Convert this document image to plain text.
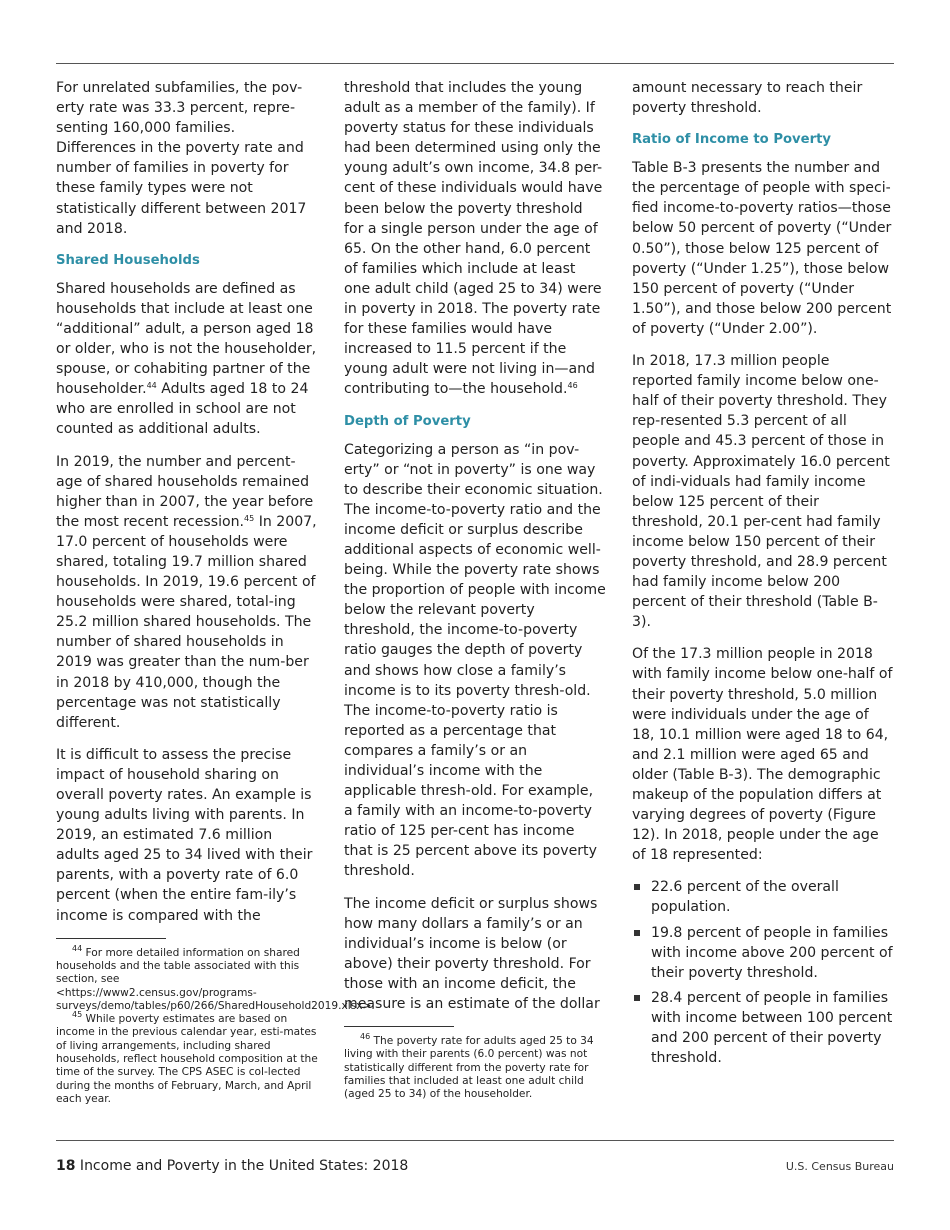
For unrelated subfamilies, the pov-erty rate was 33.3 percent, repre-senting 160,000 families. Differences in the poverty rate and number of families in poverty for these family types were not statistically different between 2017 and 2018.

Shared Households

Shared households are defined as households that include at least one “additional” adult, a person aged 18 or older, who is not the householder, spouse, or cohabiting partner of the householder.$^{44}$ Adults aged 18 to 24 who are enrolled in school are not counted as additional adults.

In 2019, the number and percent-age of shared households remained higher than in 2007, the year before the most recent recession.$^{45}$ In 2007, 17.0 percent of households were shared, totaling 19.7 million shared households. In 2019, 19.6 percent of households were shared, total-ing 25.2 million shared households. The number of shared households in 2019 was greater than the num-ber in 2018 by 410,000, though the percentage was not statistically different.

It is difficult to assess the precise impact of household sharing on overall poverty rates. An example is young adults living with parents. In 2019, an estimated 7.6 million adults aged 25 to 34 lived with their parents, with a poverty rate of 6.0 percent (when the entire fam-ily’s income is compared with the

$^{44}$ For more detailed information on shared households and the table associated with this section, see <https://www2.census.gov/programs-surveys/demo/tables/p60/266/SharedHousehold2019.xlsx>.

$^{45}$ While poverty estimates are based on income in the previous calendar year, esti-mates of living arrangements, including shared households, reflect household composition at the time of the survey. The CPS ASEC is col-lected during the months of February, March, and April each year.

threshold that includes the young adult as a member of the family). If poverty status for these individuals had been determined using only the young adult’s own income, 34.8 per-cent of these individuals would have been below the poverty threshold for a single person under the age of 65. On the other hand, 6.0 percent of families which include at least one adult child (aged 25 to 34) were in poverty in 2018. The poverty rate for these families would have increased to 11.5 percent if the young adult were not living in—and contributing to—the household.$^{46}$

Depth of Poverty

Categorizing a person as “in pov-erty” or “not in poverty” is one way to describe their economic situation. The income-to-poverty ratio and the income deficit or surplus describe additional aspects of economic well-being. While the poverty rate shows the proportion of people with income below the relevant poverty threshold, the income-to-poverty ratio gauges the depth of poverty and shows how close a family’s income is to its poverty thresh-old. The income-to-poverty ratio is reported as a percentage that compares a family’s or an individual’s income with the applicable thresh-old. For example, a family with an income-to-poverty ratio of 125 per-cent has income that is 25 percent above its poverty threshold.

The income deficit or surplus shows how many dollars a family’s or an individual’s income is below (or above) their poverty threshold. For those with an income deficit, the measure is an estimate of the dollar

$^{46}$ The poverty rate for adults aged 25 to 34 living with their parents (6.0 percent) was not statistically different from the poverty rate for families that included at least one adult child (aged 25 to 34) of the householder.

amount necessary to reach their poverty threshold.

Ratio of Income to Poverty

Table B-3 presents the number and the percentage of people with speci-fied income-to-poverty ratios—those below 50 percent of poverty (“Under 0.50”), those below 125 percent of poverty (“Under 1.25”), those below 150 percent of poverty (“Under 1.50”), and those below 200 percent of poverty (“Under 2.00”).

In 2018, 17.3 million people reported family income below one-half of their poverty threshold. They rep-resented 5.3 percent of all people and 45.3 percent of those in poverty. Approximately 16.0 percent of indi-viduals had family income below 125 percent of their threshold, 20.1 per-cent had family income below 150 percent of their poverty threshold, and 28.9 percent had family income below 200 percent of their threshold (Table B-3).

Of the 17.3 million people in 2018 with family income below one-half of their poverty threshold, 5.0 million were individuals under the age of 18, 10.1 million were aged 18 to 64, and 2.1 million were aged 65 and older (Table B-3). The demographic makeup of the population differs at varying degrees of poverty (Figure 12). In 2018, people under the age of 18 represented:

22.6 percent of the overall population.
19.8 percent of people in families with income above 200 percent of their poverty threshold.
28.4 percent of people in families with income between 100 percent and 200 percent of their poverty threshold.
18 Income and Poverty in the United States: 2018	U.S. Census Bureau
